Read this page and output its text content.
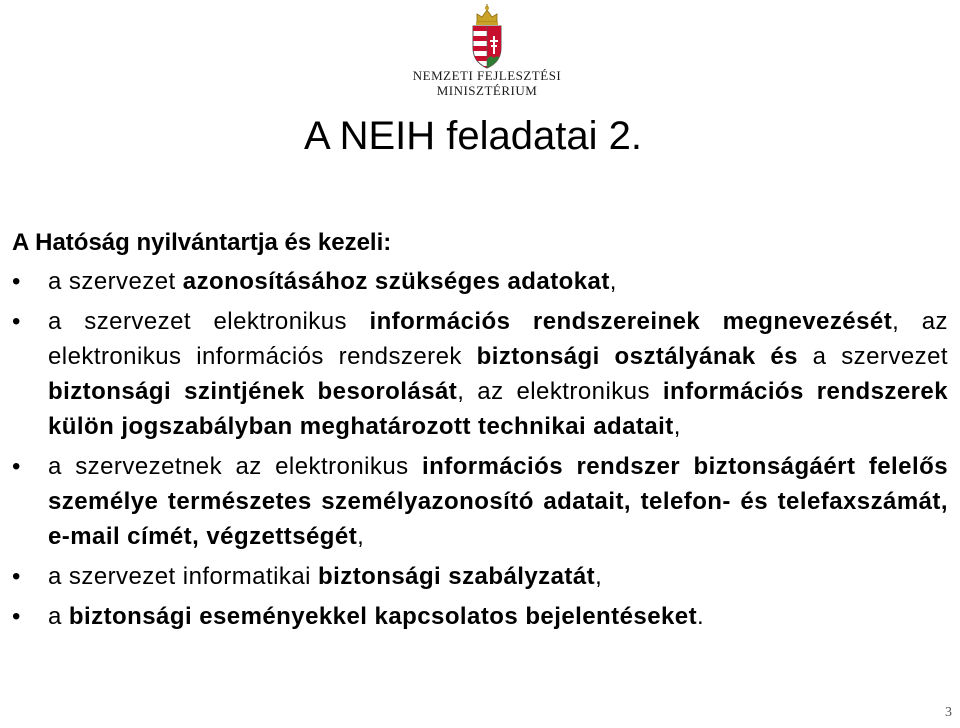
NEMZETI FEJLESZTÉSI
MINISZTÉRIUM
A NEIH feladatai 2.

A Hatóság nyilvántartja és kezeli:

• a szervezet azonosításához szükséges adatokat,
• a szervezet elektronikus információs rendszereinek megnevezését, az elektronikus információs rendszerek biztonsági osztályának és a szervezet biztonsági szintjének besorolását, az elektronikus információs rendszerek külön jogszabályban meghatározott technikai adatait,
• a szervezetnek az elektronikus információs rendszer biztonságáért felelős személye természetes személyazonosító adatait, telefon- és telefaxszámát, e-mail címét, végzettségét,
• a szervezet informatikai biztonsági szabályzatát,
• a biztonsági eseményekkel kapcsolatos bejelentéseket.
3
